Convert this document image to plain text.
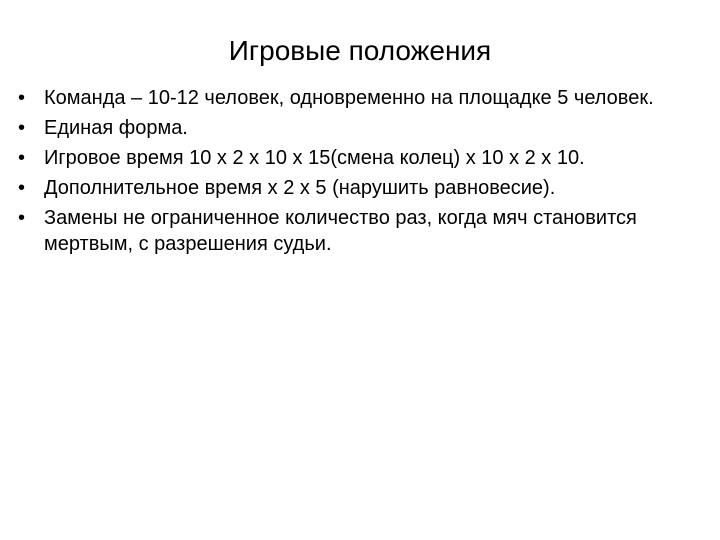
Игровые положения
• Команда – 10-12 человек, одновременно на площадке 5 человек.
• Единая форма.
• Игровое время 10 х 2 х 10 х 15(смена колец) х 10 х 2 х 10.
• Дополнительное время х 2 х 5 (нарушить равновесие).
• Замены не ограниченное количество раз, когда мяч становится мертвым, с разрешения судьи.
